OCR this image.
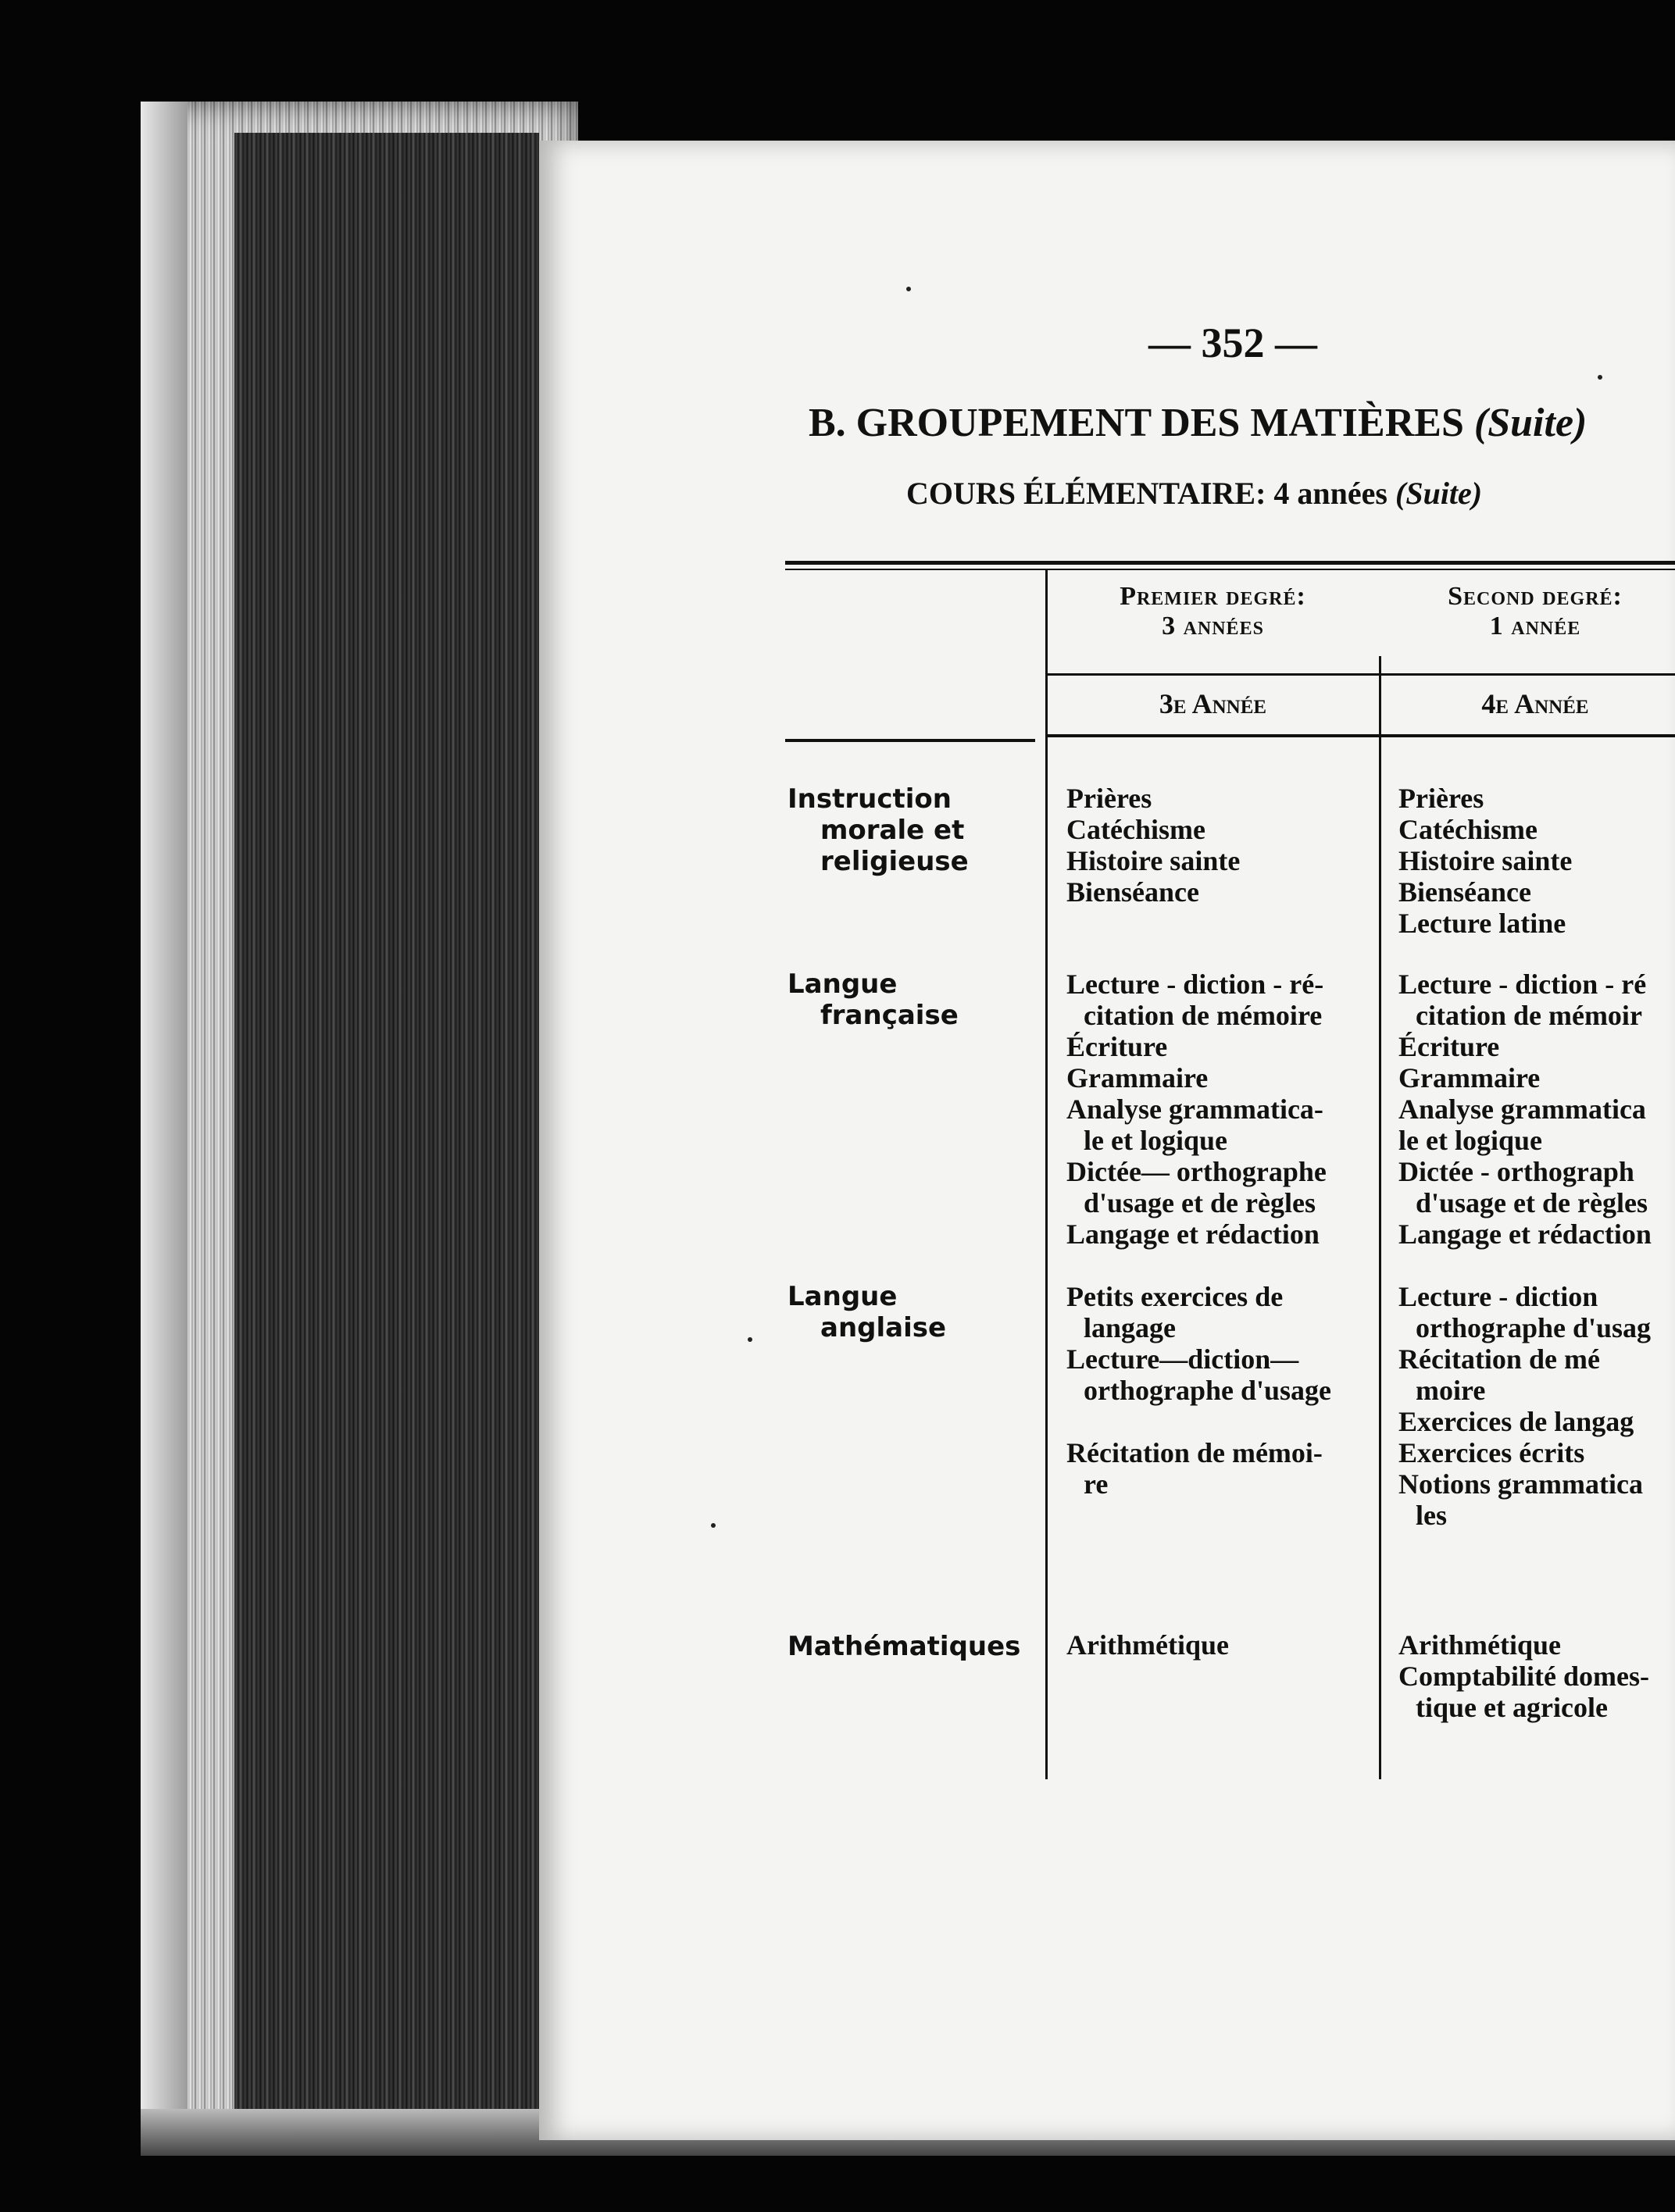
— 352 —
B. GROUPEMENT DES MATIÈRES (Suite)
COURS ÉLÉMENTAIRE: 4 années (Suite)
Premier degré:
3 années
Second degré:
1 année
3e Année	4e Année
Instruction
morale et
religieuse
Prières
Catéchisme
Histoire sainte
Bienséance
Prières
Catéchisme
Histoire sainte
Bienséance
Lecture latine
Langue
française
Lecture - diction - ré-
citation de mémoire
Écriture
Grammaire
Analyse grammatica-
le et logique
Dictée— orthographe
d'usage et de règles
Langage et rédaction
Lecture - diction - ré
citation de mémoir
Écriture
Grammaire
Analyse grammatica
le et logique
Dictée - orthograph
d'usage et de règles
Langage et rédaction
Langue
anglaise
Petits exercices de
langage
Lecture—diction—
orthographe d'usage
Récitation de mémoi-
re
Lecture - diction
orthographe d'usag
Récitation de mé
moire
Exercices de langag
Exercices écrits
Notions grammatica
les
Mathématiques Arithmétique	Arithmétique
Comptabilité domes-
tique et agricole
